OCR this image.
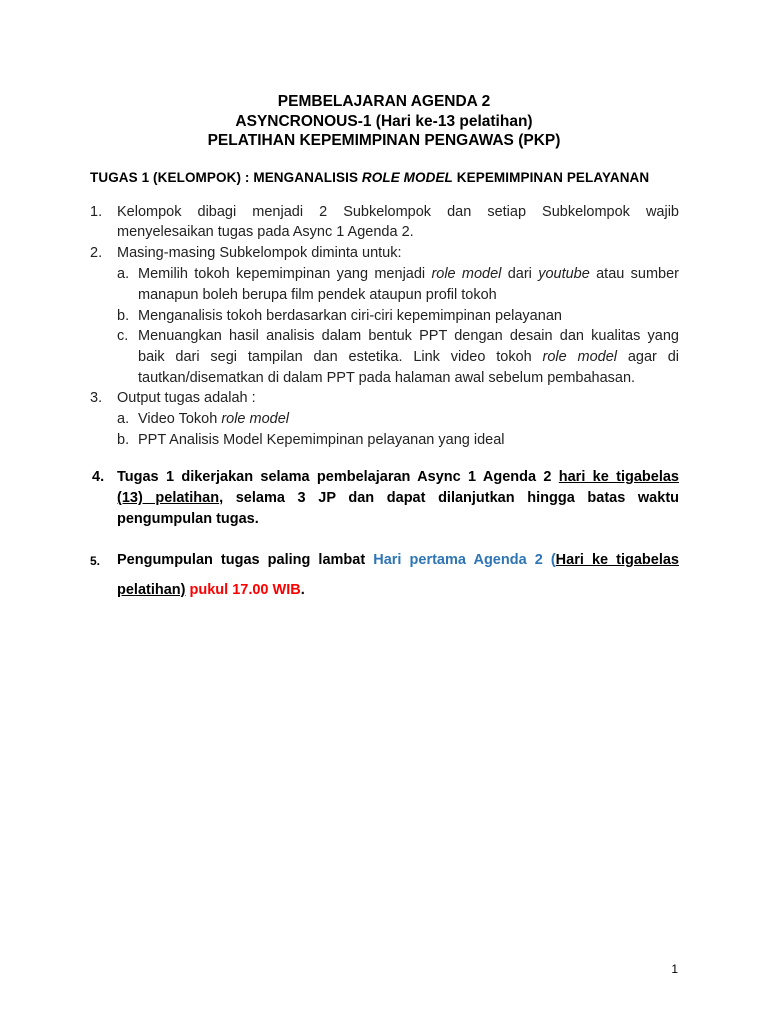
PEMBELAJARAN AGENDA 2
ASYNCRONOUS-1 (Hari ke-13 pelatihan)
PELATIHAN KEPEMIMPINAN PENGAWAS (PKP)
TUGAS 1 (KELOMPOK) : MENGANALISIS ROLE MODEL KEPEMIMPINAN PELAYANAN
1. Kelompok dibagi menjadi 2 Subkelompok dan setiap Subkelompok wajib
menyelesaikan tugas pada Async 1 Agenda 2.
2. Masing-masing Subkelompok diminta untuk:
a. Memilih tokoh kepemimpinan yang menjadi role model dari youtube atau sumber
manapun boleh berupa film pendek ataupun profil tokoh
b. Menganalisis tokoh berdasarkan ciri-ciri kepemimpinan pelayanan
c. Menuangkan hasil analisis dalam bentuk PPT dengan desain dan kualitas yang
baik dari segi tampilan dan estetika. Link video tokoh role model agar di
tautkan/disematkan di dalam PPT pada halaman awal sebelum pembahasan.
3. Output tugas adalah :
a. Video Tokoh role model
b. PPT Analisis Model Kepemimpinan pelayanan yang ideal
4. Tugas 1 dikerjakan selama pembelajaran Async 1 Agenda 2 hari ke tigabelas
(13) pelatihan, selama 3 JP dan dapat dilanjutkan hingga batas waktu
pengumpulan tugas.
5. Pengumpulan tugas paling lambat Hari pertama Agenda 2 (Hari ke tigabelas
pelatihan) pukul 17.00 WIB.
1
